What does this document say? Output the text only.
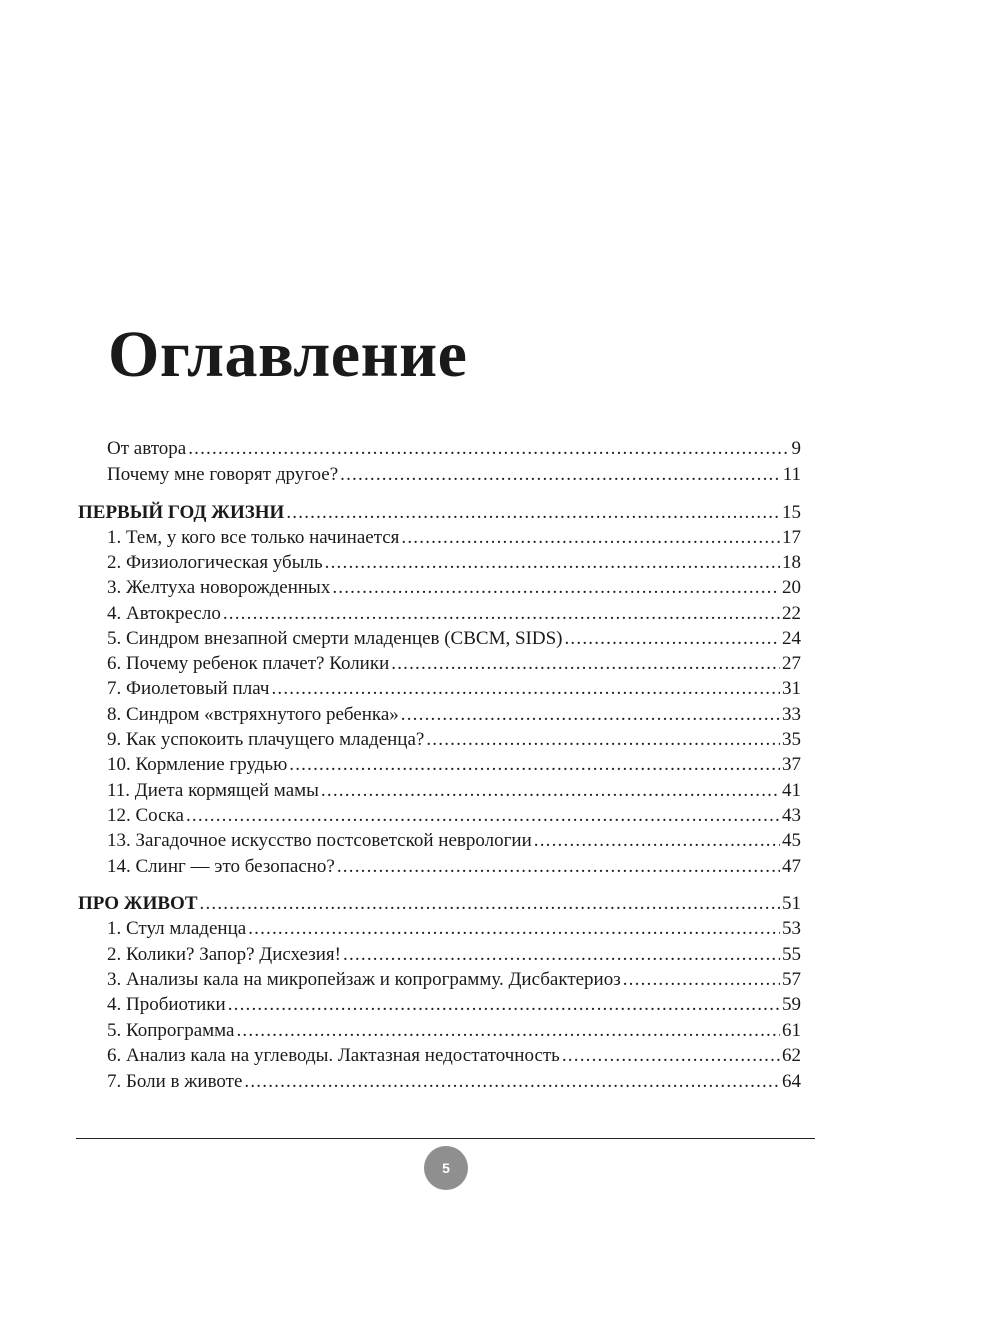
Оглавление
От автора .....	9
Почему мне говорят другое? .....	11
ПЕРВЫЙ ГОД ЖИЗНИ .....	15
1. Тем, у кого все только начинается .....	17
2. Физиологическая убыль .....	18
3. Желтуха новорожденных .....	20
4. Автокресло .....	22
5. Синдром внезапной смерти младенцев (СВСМ, SIDS) .....	24
6. Почему ребенок плачет? Колики .....	27
7. Фиолетовый плач .....	31
8. Синдром «встряхнутого ребенка» .....	33
9. Как успокоить плачущего младенца? .....	35
10. Кормление грудью .....	37
11. Диета кормящей мамы .....	41
12. Соска .....	43
13. Загадочное искусство постсоветской неврологии .....	45
14. Слинг — это безопасно? .....	47
ПРО ЖИВОТ .....	51
1. Стул младенца .....	53
2. Колики? Запор? Дисхезия! .....	55
3. Анализы кала на микропейзаж и копрограмму. Дисбактериоз .....	57
4. Пробиотики .....	59
5. Копрограмма .....	61
6. Анализ кала на углеводы. Лактазная недостаточность .....	62
7. Боли в животе .....	64
5
